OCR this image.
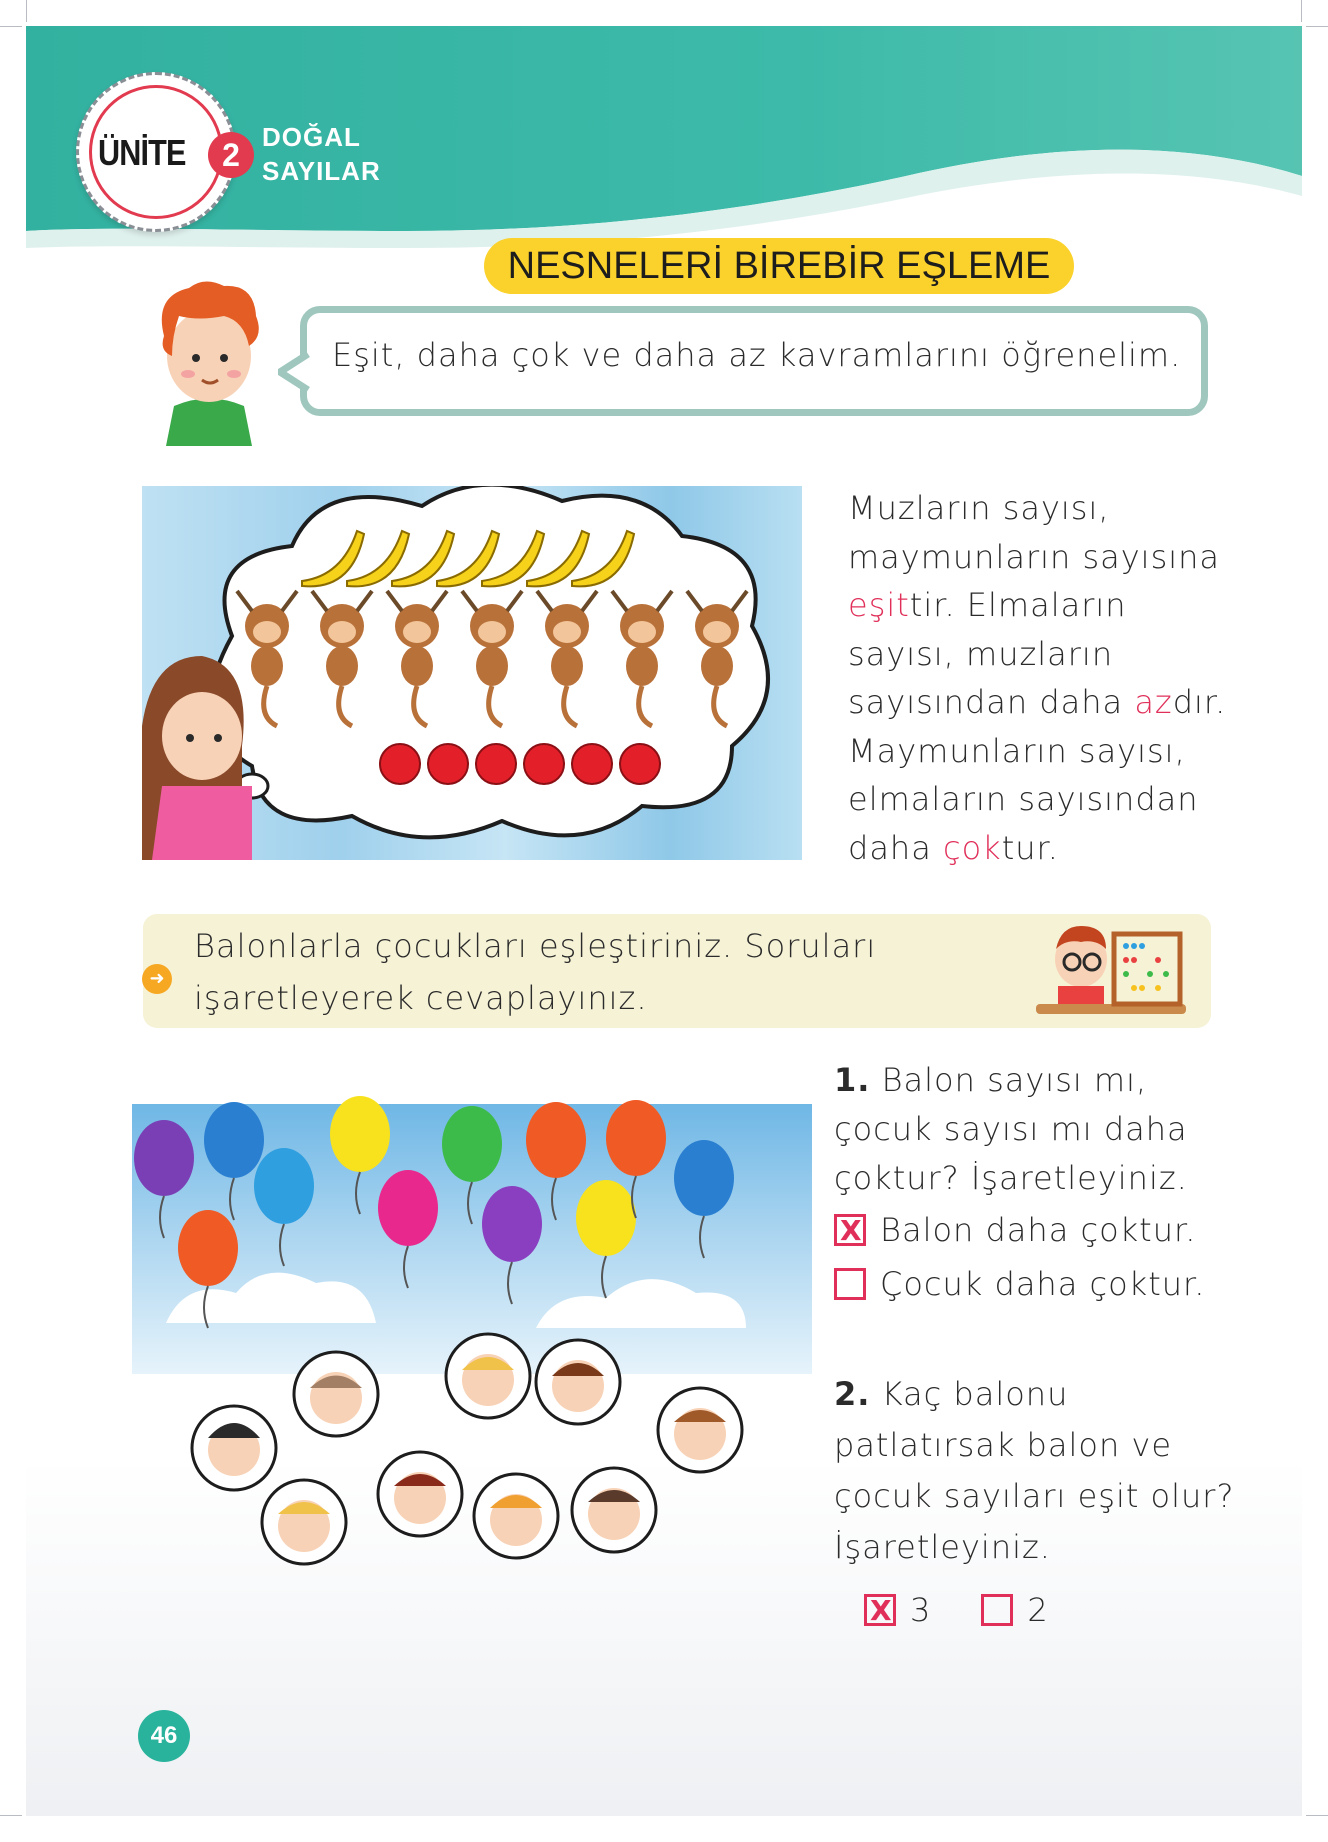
ÜNİTE	2 DOĞAL
SAYILAR
NESNELERİ BİREBİR EŞLEME
Eşit, daha çok ve daha az kavramlarını öğrenelim.
Muzların sayısı,
maymunların sayısına
eşittir. Elmaların
sayısı, muzların
sayısından daha azdır.
Maymunların sayısı,
elmaların sayısından
daha çoktur.
➜
Balonlarla çocukları eşleştiriniz. Soruları
işaretleyerek cevaplayınız.
1. Balon sayısı mı,
çocuk sayısı mı daha
çoktur? İşaretleyiniz.
X
Balon daha çoktur.
Çocuk daha çoktur.
2. Kaç balonu
patlatırsak balon ve
çocuk sayıları eşit olur?
İşaretleyiniz.
X
3	2
46
